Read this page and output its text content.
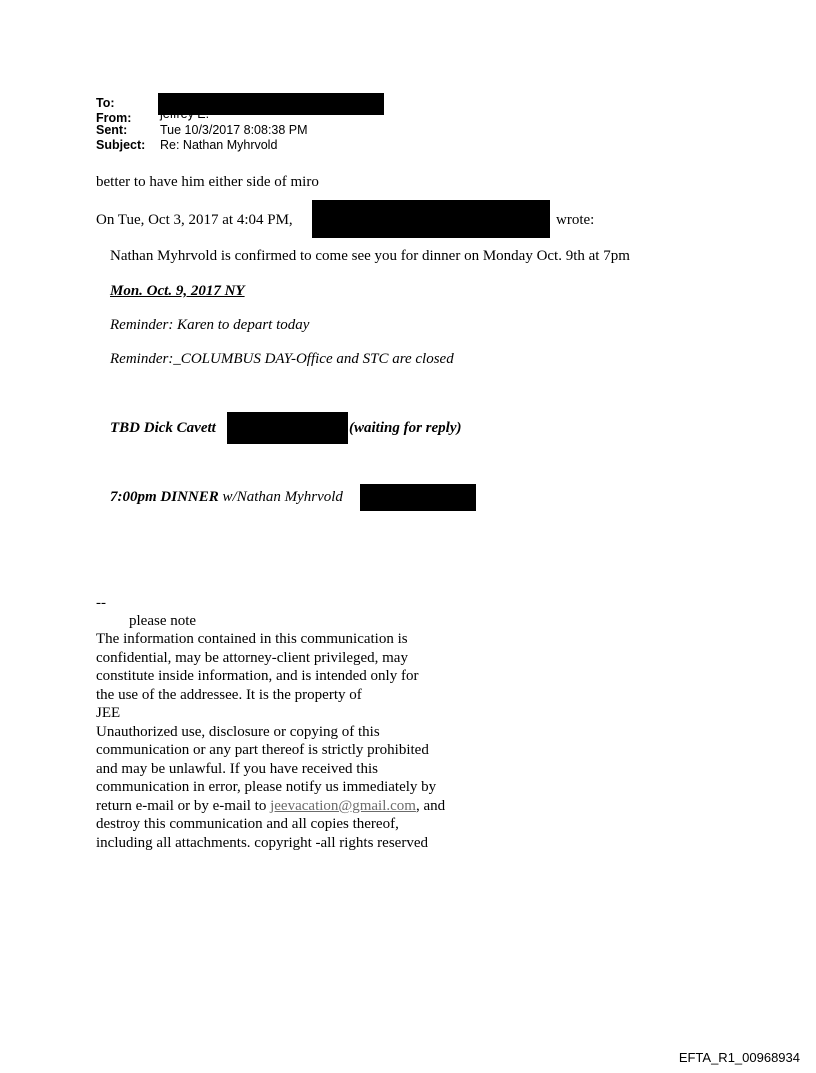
To:
From:
Sent:	Tue 10/3/2017 8:08:38 PM
Subject: Re: Nathan Myhrvold
better to have him either side of miro
On Tue, Oct 3, 2017 at 4:04 PM,	wrote:
Nathan Myhrvold is confirmed to come see you for dinner on Monday Oct. 9th at 7pm
Mon. Oct. 9, 2017 NY
Reminder: Karen to depart today
Reminder:_COLUMBUS DAY-Office and STC are closed
TBD Dick Cavett	(waiting for reply)
7:00pm DINNER w/Nathan Myhrvold
--
please note
The information contained in this communication is
confidential, may be attorney-client privileged, may
constitute inside information, and is intended only for
the use of the addressee. It is the property of
JEE
Unauthorized use, disclosure or copying of this
communication or any part thereof is strictly prohibited
and may be unlawful. If you have received this
communication in error, please notify us immediately by
return e-mail or by e-mail to jeevacation@gmail.com, and
destroy this communication and all copies thereof,
including all attachments. copyright -all rights reserved
EFTA_R1_00968934
